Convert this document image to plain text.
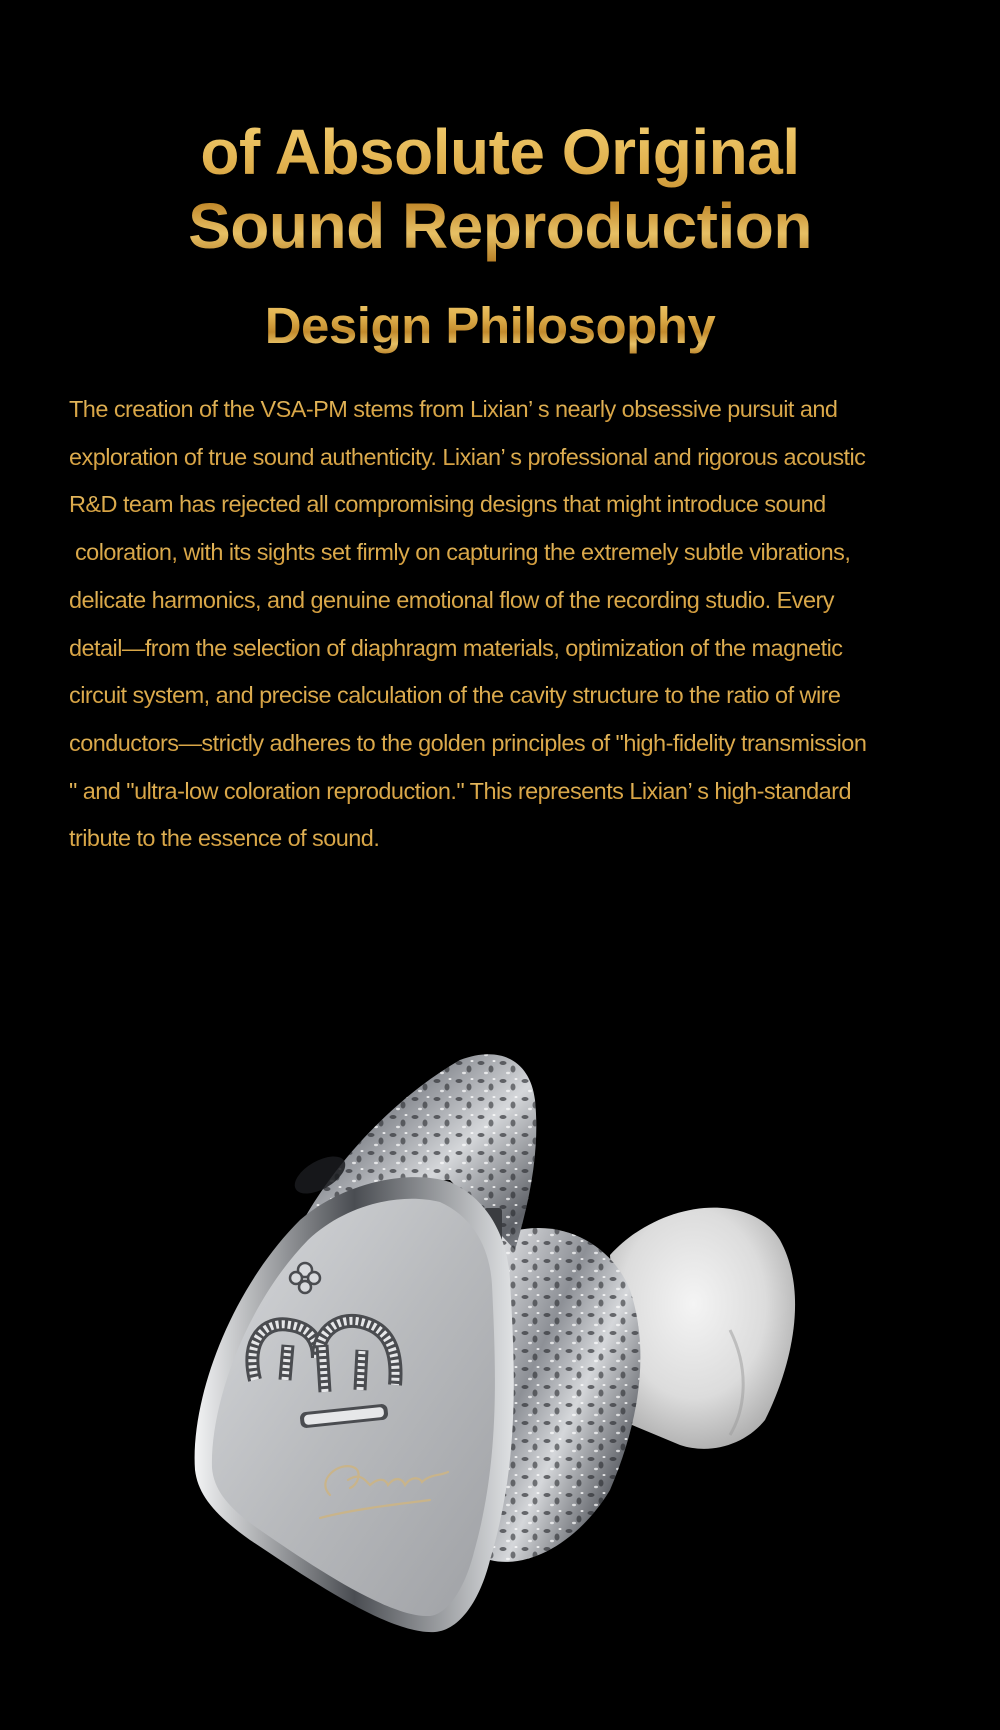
of Absolute Original
Sound Reproduction
Design Philosophy
The creation of the VSA-PM stems from Lixian’ s nearly obsessive pursuit and
exploration of true sound authenticity. Lixian’ s professional and rigorous acoustic
R&D team has rejected all compromising designs that might introduce sound
coloration, with its sights set firmly on capturing the extremely subtle vibrations,
delicate harmonics, and genuine emotional flow of the recording studio. Every
detail—from the selection of diaphragm materials, optimization of the magnetic
circuit system, and precise calculation of the cavity structure to the ratio of wire
conductors—strictly adheres to the golden principles of "high-fidelity transmission
" and "ultra-low coloration reproduction." This represents Lixian’ s high-standard
tribute to the essence of sound.
